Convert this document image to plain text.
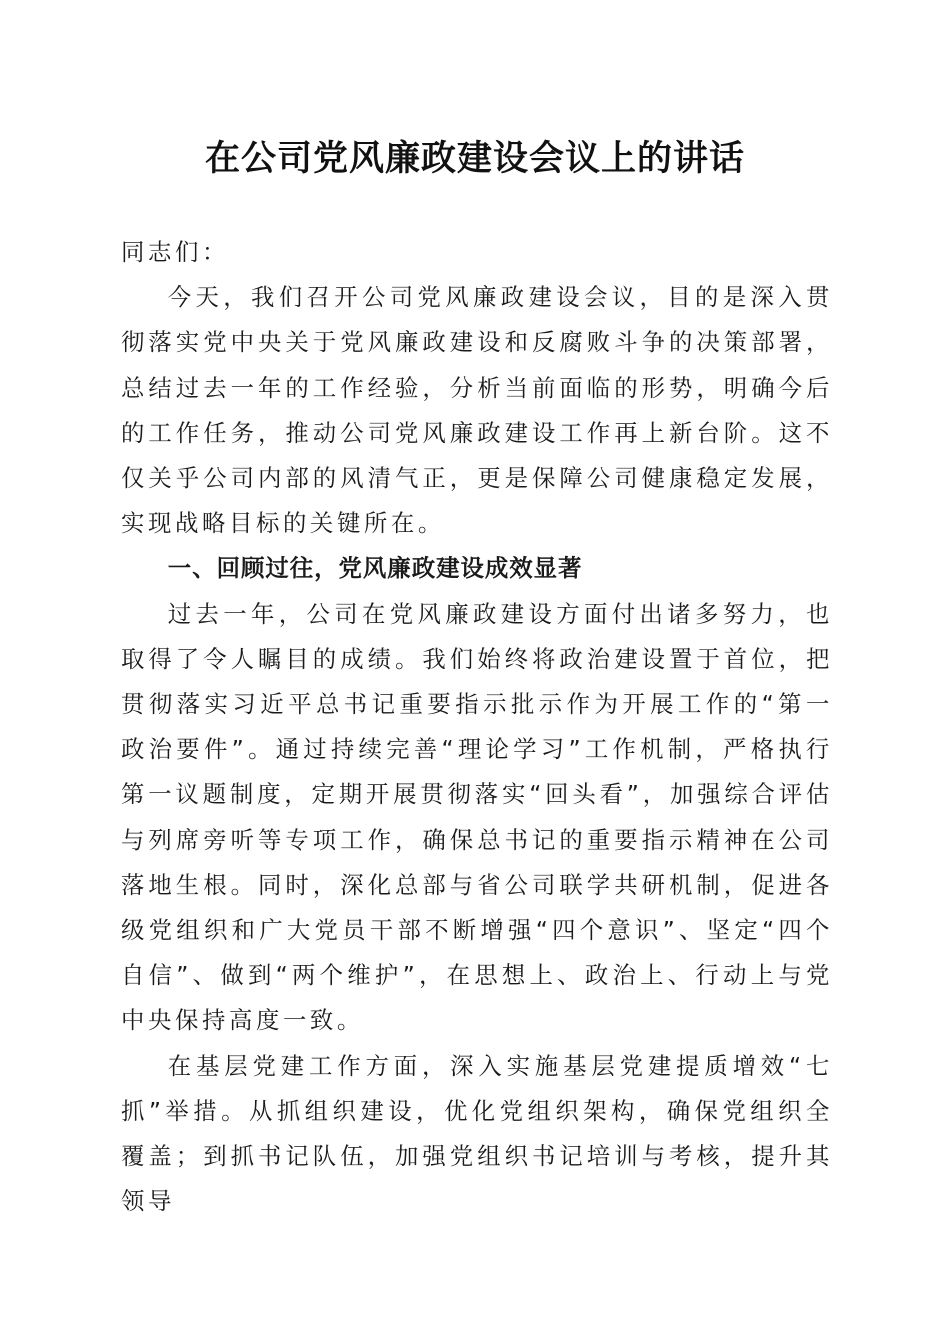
在公司党风廉政建设会议上的讲话

同志们：

今天，我们召开公司党风廉政建设会议，目的是深入贯彻落实党中央关于党风廉政建设和反腐败斗争的决策部署，总结过去一年的工作经验，分析当前面临的形势，明确今后的工作任务，推动公司党风廉政建设工作再上新台阶。这不仅关乎公司内部的风清气正，更是保障公司健康稳定发展，实现战略目标的关键所在。

一、回顾过往，党风廉政建设成效显著

过去一年，公司在党风廉政建设方面付出诸多努力，也取得了令人瞩目的成绩。我们始终将政治建设置于首位，把贯彻落实习近平总书记重要指示批示作为开展工作的“第一政治要件”。通过持续完善“理论学习”工作机制，严格执行第一议题制度，定期开展贯彻落实“回头看”，加强综合评估与列席旁听等专项工作，确保总书记的重要指示精神在公司落地生根。同时，深化总部与省公司联学共研机制，促进各级党组织和广大党员干部不断增强“四个意识”、坚定“四个自信”、做到“两个维护”，在思想上、政治上、行动上与党中央保持高度一致。

在基层党建工作方面，深入实施基层党建提质增效“七抓”举措。从抓组织建设，优化党组织架构，确保党组织全覆盖；到抓书记队伍，加强党组织书记培训与考核，提升其领导
